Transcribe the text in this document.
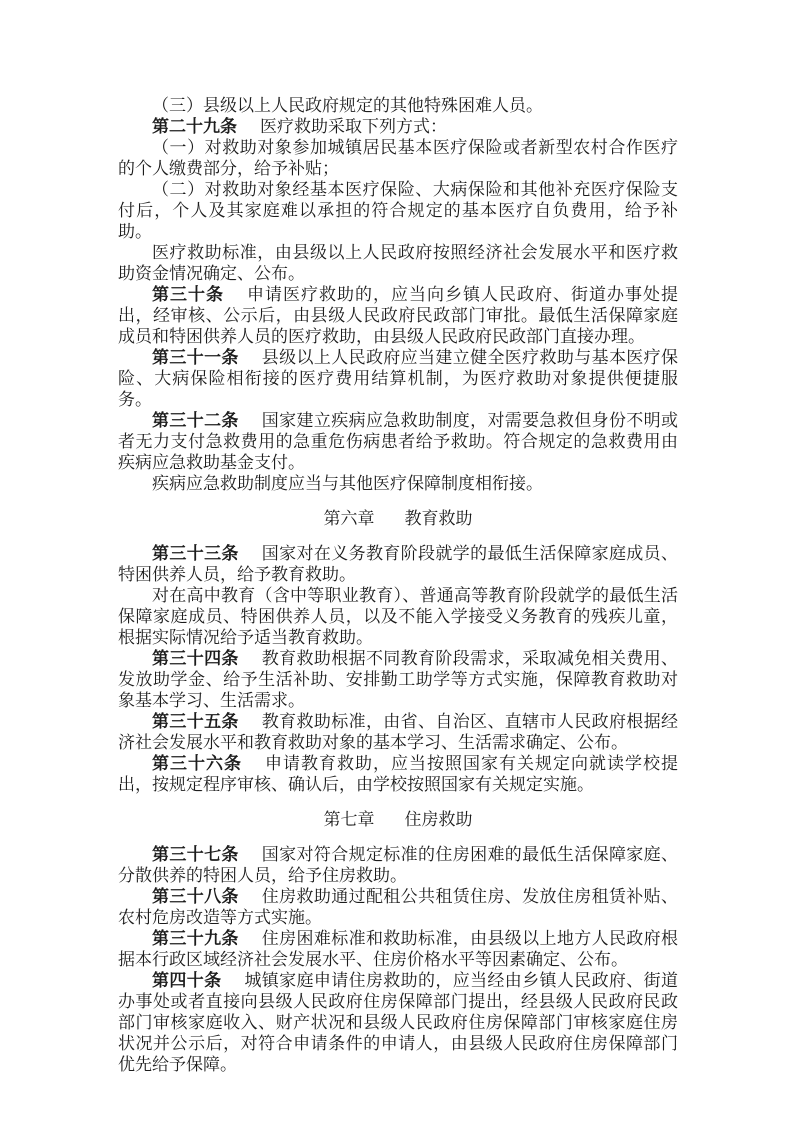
（三）县级以上人民政府规定的其他特殊困难人员。

第二十九条 医疗救助采取下列方式：

（一）对救助对象参加城镇居民基本医疗保险或者新型农村合作医疗的个人缴费部分，给予补贴；

（二）对救助对象经基本医疗保险、大病保险和其他补充医疗保险支付后，个人及其家庭难以承担的符合规定的基本医疗自负费用，给予补助。

医疗救助标准，由县级以上人民政府按照经济社会发展水平和医疗救助资金情况确定、公布。

第三十条 申请医疗救助的，应当向乡镇人民政府、街道办事处提出，经审核、公示后，由县级人民政府民政部门审批。最低生活保障家庭成员和特困供养人员的医疗救助，由县级人民政府民政部门直接办理。

第三十一条 县级以上人民政府应当建立健全医疗救助与基本医疗保险、大病保险相衔接的医疗费用结算机制，为医疗救助对象提供便捷服务。

第三十二条 国家建立疾病应急救助制度，对需要急救但身份不明或者无力支付急救费用的急重危伤病患者给予救助。符合规定的急救费用由疾病应急救助基金支付。

疾病应急救助制度应当与其他医疗保障制度相衔接。

第六章 教育救助

第三十三条 国家对在义务教育阶段就学的最低生活保障家庭成员、特困供养人员，给予教育救助。

对在高中教育（含中等职业教育）、普通高等教育阶段就学的最低生活保障家庭成员、特困供养人员，以及不能入学接受义务教育的残疾儿童，根据实际情况给予适当教育救助。

第三十四条 教育救助根据不同教育阶段需求，采取减免相关费用、发放助学金、给予生活补助、安排勤工助学等方式实施，保障教育救助对象基本学习、生活需求。

第三十五条 教育救助标准，由省、自治区、直辖市人民政府根据经济社会发展水平和教育救助对象的基本学习、生活需求确定、公布。

第三十六条 申请教育救助，应当按照国家有关规定向就读学校提出，按规定程序审核、确认后，由学校按照国家有关规定实施。

第七章 住房救助

第三十七条 国家对符合规定标准的住房困难的最低生活保障家庭、分散供养的特困人员，给予住房救助。

第三十八条 住房救助通过配租公共租赁住房、发放住房租赁补贴、农村危房改造等方式实施。

第三十九条 住房困难标准和救助标准，由县级以上地方人民政府根据本行政区域经济社会发展水平、住房价格水平等因素确定、公布。

第四十条 城镇家庭申请住房救助的，应当经由乡镇人民政府、街道办事处或者直接向县级人民政府住房保障部门提出，经县级人民政府民政部门审核家庭收入、财产状况和县级人民政府住房保障部门审核家庭住房状况并公示后，对符合申请条件的申请人，由县级人民政府住房保障部门优先给予保障。
